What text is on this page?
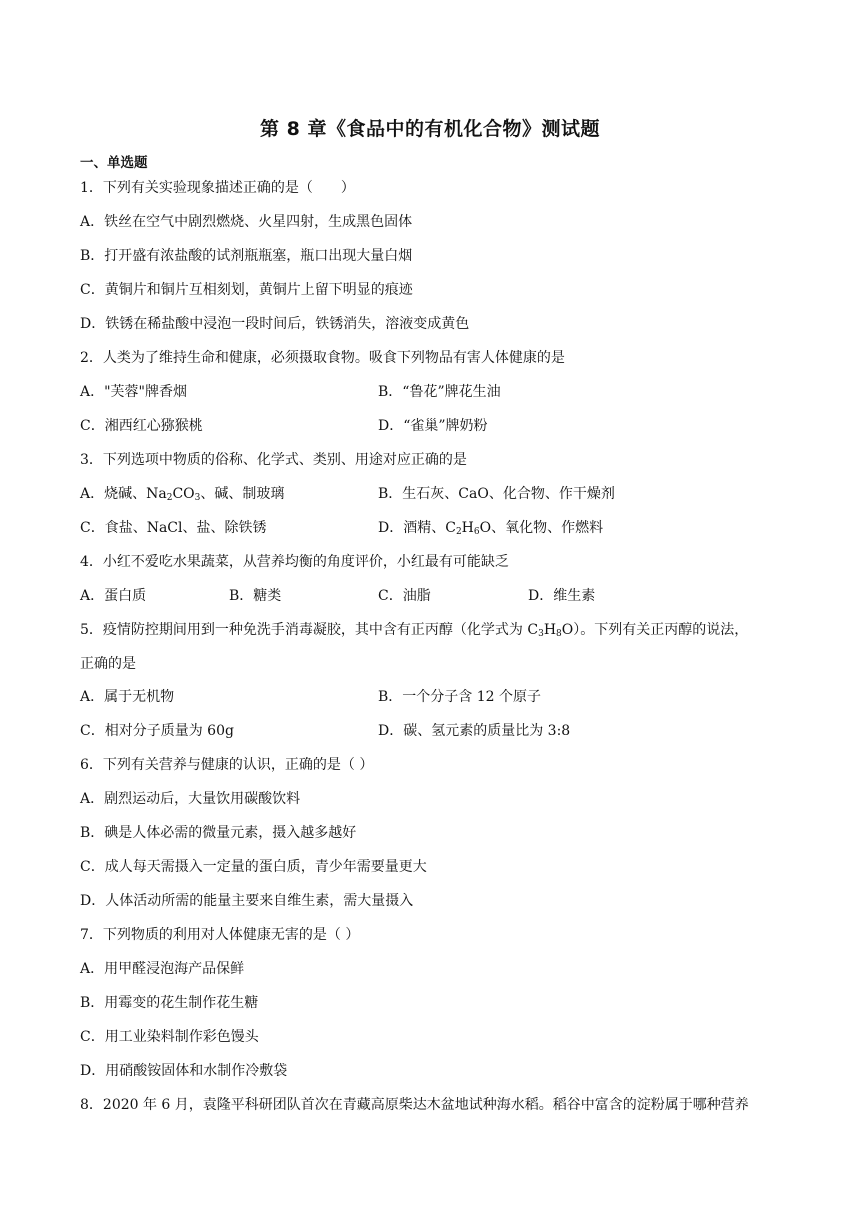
第 8 章《食品中的有机化合物》测试题
一、单选题
1．下列有关实验现象描述正确的是（　　）
A．铁丝在空气中剧烈燃烧、火星四射，生成黑色固体
B．打开盛有浓盐酸的试剂瓶瓶塞，瓶口出现大量白烟
C．黄铜片和铜片互相刻划，黄铜片上留下明显的痕迹
D．铁锈在稀盐酸中浸泡一段时间后，铁锈消失，溶液变成黄色
2．人类为了维持生命和健康，必须摄取食物。吸食下列物品有害人体健康的是
A．"芙蓉"牌香烟	B．“鲁花”牌花生油
C．湘西红心猕猴桃	D．“雀巢”牌奶粉
3．下列选项中物质的俗称、化学式、类别、用途对应正确的是
A．烧碱、$Na_2CO_3$、碱、制玻璃	B．生石灰、CaO、化合物、作干燥剂
C．食盐、NaCl、盐、除铁锈	D．酒精、$C_2H_6O$、氧化物、作燃料
4．小红不爱吃水果蔬菜，从营养均衡的角度评价，小红最有可能缺乏
A．蛋白质	B．糖类	C．油脂	D．维生素
5．疫情防控期间用到一种免洗手消毒凝胶，其中含有正丙醇（化学式为 $C_3H_8O$）。下列有关正丙醇的说法，
正确的是
A．属于无机物	B．一个分子含 12 个原子
C．相对分子质量为 60g	D．碳、氢元素的质量比为 3:8
6．下列有关营养与健康的认识，正确的是（ ）
A．剧烈运动后，大量饮用碳酸饮料
B．碘是人体必需的微量元素，摄入越多越好
C．成人每天需摄入一定量的蛋白质，青少年需要量更大
D．人体活动所需的能量主要来自维生素，需大量摄入
7．下列物质的利用对人体健康无害的是（ ）
A．用甲醛浸泡海产品保鲜
B．用霉变的花生制作花生糖
C．用工业染料制作彩色馒头
D．用硝酸铵固体和水制作冷敷袋
8．2020 年 6 月，袁隆平科研团队首次在青藏高原柴达木盆地试种海水稻。稻谷中富含的淀粉属于哪种营养
